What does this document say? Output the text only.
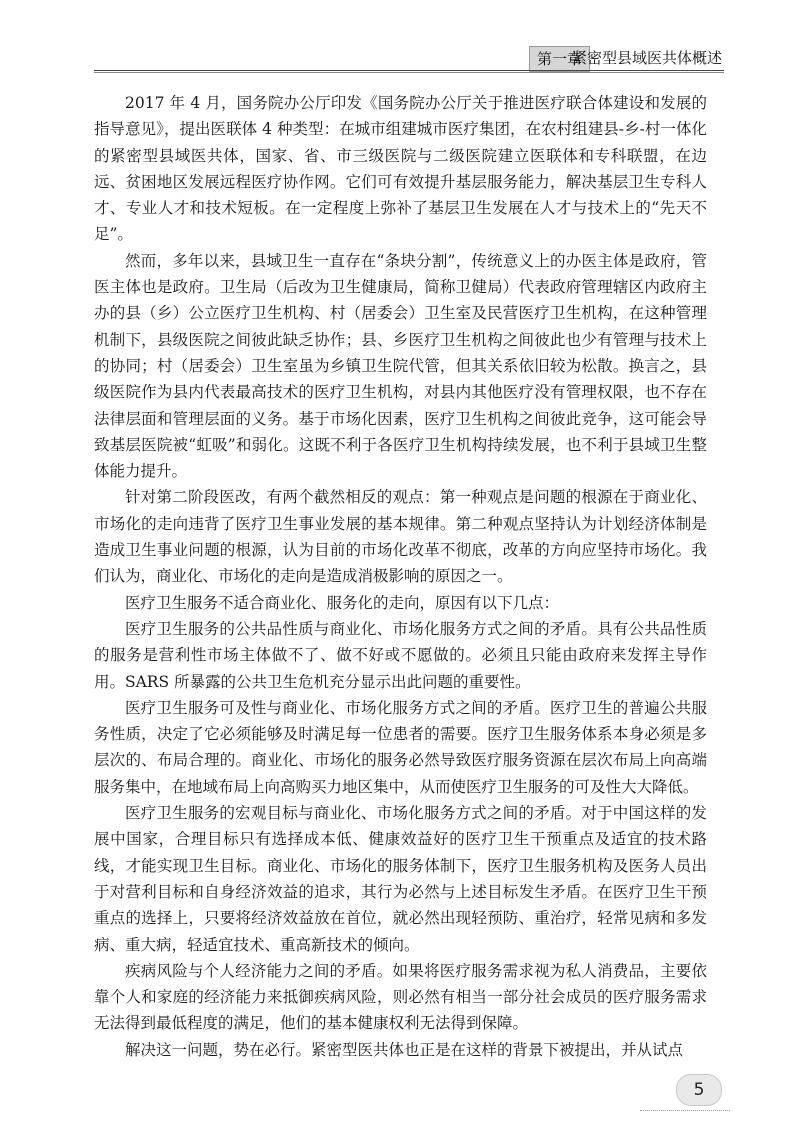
第一章
紧密型县域医共体概述

2017 年 4 月，国务院办公厅印发《国务院办公厅关于推进医疗联合体建设和发展的指导意见》，提出医联体 4 种类型：在城市组建城市医疗集团，在农村组建县-乡-村一体化的紧密型县域医共体，国家、省、市三级医院与二级医院建立医联体和专科联盟，在边远、贫困地区发展远程医疗协作网。它们可有效提升基层服务能力，解决基层卫生专科人才、专业人才和技术短板。在一定程度上弥补了基层卫生发展在人才与技术上的“先天不足”。

然而，多年以来，县域卫生一直存在“条块分割”，传统意义上的办医主体是政府，管医主体也是政府。卫生局（后改为卫生健康局，简称卫健局）代表政府管理辖区内政府主办的县（乡）公立医疗卫生机构、村（居委会）卫生室及民营医疗卫生机构，在这种管理机制下，县级医院之间彼此缺乏协作；县、乡医疗卫生机构之间彼此也少有管理与技术上的协同；村（居委会）卫生室虽为乡镇卫生院代管，但其关系依旧较为松散。换言之，县级医院作为县内代表最高技术的医疗卫生机构，对县内其他医疗没有管理权限，也不存在法律层面和管理层面的义务。基于市场化因素，医疗卫生机构之间彼此竞争，这可能会导致基层医院被“虹吸”和弱化。这既不利于各医疗卫生机构持续发展，也不利于县域卫生整体能力提升。

针对第二阶段医改，有两个截然相反的观点：第一种观点是问题的根源在于商业化、市场化的走向违背了医疗卫生事业发展的基本规律。第二种观点坚持认为计划经济体制是造成卫生事业问题的根源，认为目前的市场化改革不彻底，改革的方向应坚持市场化。我们认为，商业化、市场化的走向是造成消极影响的原因之一。

医疗卫生服务不适合商业化、服务化的走向，原因有以下几点：

医疗卫生服务的公共品性质与商业化、市场化服务方式之间的矛盾。具有公共品性质的服务是营利性市场主体做不了、做不好或不愿做的。必须且只能由政府来发挥主导作用。SARS 所暴露的公共卫生危机充分显示出此问题的重要性。

医疗卫生服务可及性与商业化、市场化服务方式之间的矛盾。医疗卫生的普遍公共服务性质，决定了它必须能够及时满足每一位患者的需要。医疗卫生服务体系本身必须是多层次的、布局合理的。商业化、市场化的服务必然导致医疗服务资源在层次布局上向高端服务集中，在地域布局上向高购买力地区集中，从而使医疗卫生服务的可及性大大降低。

医疗卫生服务的宏观目标与商业化、市场化服务方式之间的矛盾。对于中国这样的发展中国家，合理目标只有选择成本低、健康效益好的医疗卫生干预重点及适宜的技术路线，才能实现卫生目标。商业化、市场化的服务体制下，医疗卫生服务机构及医务人员出于对营利目标和自身经济效益的追求，其行为必然与上述目标发生矛盾。在医疗卫生干预重点的选择上，只要将经济效益放在首位，就必然出现轻预防、重治疗，轻常见病和多发病、重大病，轻适宜技术、重高新技术的倾向。

疾病风险与个人经济能力之间的矛盾。如果将医疗服务需求视为私人消费品，主要依靠个人和家庭的经济能力来抵御疾病风险，则必然有相当一部分社会成员的医疗服务需求无法得到最低程度的满足，他们的基本健康权利无法得到保障。

解决这一问题，势在必行。紧密型医共体也正是在这样的背景下被提出，并从试点

5
